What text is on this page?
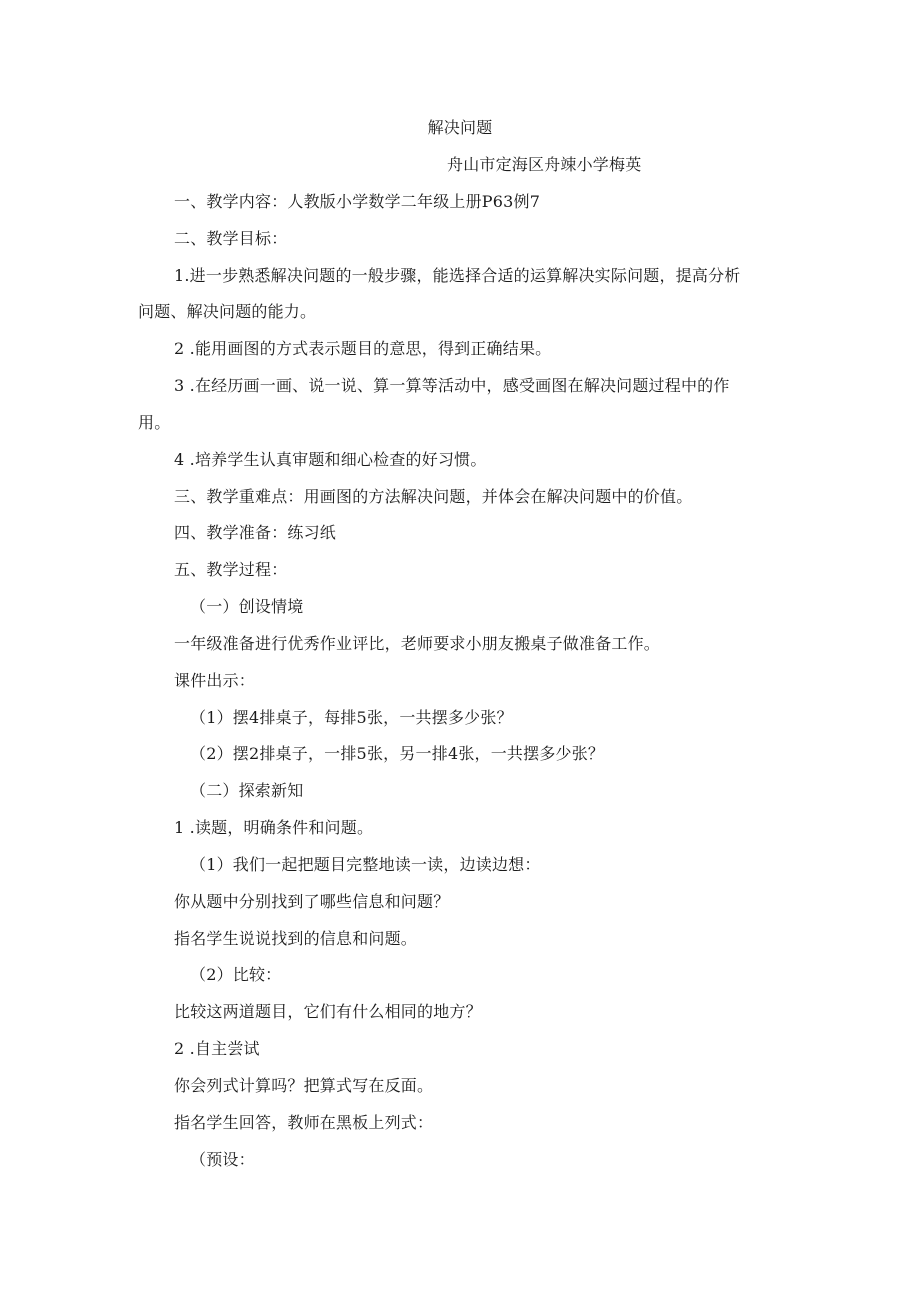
解决问题
舟山市定海区舟竦小学梅英
一、教学内容：人教版小学数学二年级上册P63例7
二、教学目标：
1.进一步熟悉解决问题的一般步骤，能选择合适的运算解决实际问题，提高分析
问题、解决问题的能力。
2 .能用画图的方式表示题目的意思，得到正确结果。
3 .在经历画一画、说一说、算一算等活动中，感受画图在解决问题过程中的作
用。
4 .培养学生认真审题和细心检查的好习惯。
三、教学重难点：用画图的方法解决问题，并体会在解决问题中的价值。
四、教学准备：练习纸
五、教学过程：
（一）创设情境
一年级准备进行优秀作业评比，老师要求小朋友搬桌子做准备工作。
课件出示：
（1）摆4排桌子，每排5张，一共摆多少张？
（2）摆2排桌子，一排5张，另一排4张，一共摆多少张？
（二）探索新知
1 .读题，明确条件和问题。
（1）我们一起把题目完整地读一读，边读边想：
你从题中分别找到了哪些信息和问题？
指名学生说说找到的信息和问题。
（2）比较：
比较这两道题目，它们有什么相同的地方？
2 .自主尝试
你会列式计算吗？把算式写在反面。
指名学生回答，教师在黑板上列式：
（预设：
